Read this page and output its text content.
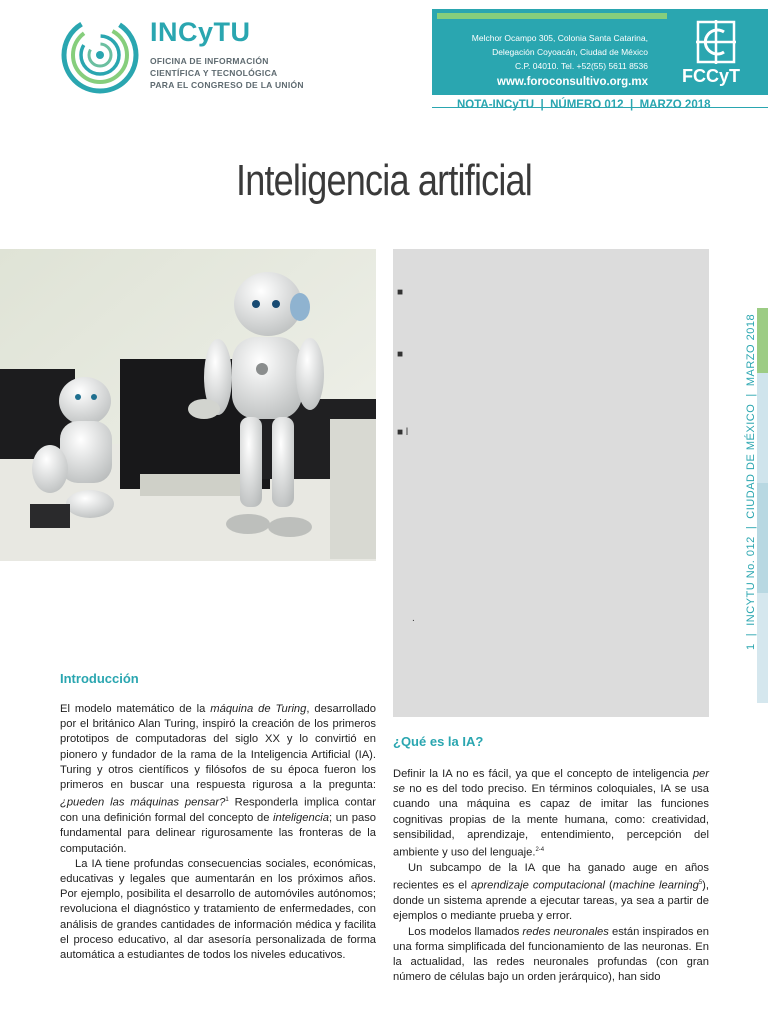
INCyTU
OFICINA DE INFORMACIÓN
CIENTÍFICA Y TECNOLÓGICA
PARA EL CONGRESO DE LA UNIÓN
Melchor Ocampo 305, Colonia Santa Catarina,
Delegación Coyoacán, Ciudad de México
C.P. 04010. Tel. +52(55) 5611 8536
www.foroconsultivo.org.mx FCCyT
NOTA-INCyTU  |  NÚMERO 012  |  MARZO 2018
Inteligencia artificial
■
■
■ l
.	1  |  INCYTU No. 012  |  CIUDAD DE MÉXICO  |  MARZO 2018
Introducción

El modelo matemático de la máquina de Turing, desarrollado por el británico Alan Turing, inspiró la creación de los primeros prototipos de computadoras del siglo XX y lo convirtió en pionero y fundador de la rama de la Inteligencia Artificial (IA). Turing y otros científicos y filósofos de su época fueron los primeros en buscar una respuesta rigurosa a la pregunta: ¿pueden las máquinas pensar?$^1$ Responderla implica contar con una definición formal del concepto de inteligencia; un paso fundamental para delinear rigurosamente las fronteras de la computación.

La IA tiene profundas consecuencias sociales, económicas, educativas y legales que aumentarán en los próximos años. Por ejemplo, posibilita el desarrollo de automóviles autónomos; revoluciona el diagnóstico y tratamiento de enfermedades, con análisis de grandes cantidades de información médica y facilita el proceso educativo, al dar asesoría personalizada de forma automática a estudiantes de todos los niveles educativos.

¿Qué es la IA?

Definir la IA no es fácil, ya que el concepto de inteligencia per se no es del todo preciso. En términos coloquiales, IA se usa cuando una máquina es capaz de imitar las funciones cognitivas propias de la mente humana, como: creatividad, sensibilidad, aprendizaje, entendimiento, percepción del ambiente y uso del lenguaje.$^{2-4}$

Un subcampo de la IA que ha ganado auge en años recientes es el aprendizaje computacional (machine learning$^5$), donde un sistema aprende a ejecutar tareas, ya sea a partir de ejemplos o mediante prueba y error.

Los modelos llamados redes neuronales están inspirados en una forma simplificada del funcionamiento de las neuronas. En la actualidad, las redes neuronales profundas (con gran número de células bajo un orden jerárquico), han sido
